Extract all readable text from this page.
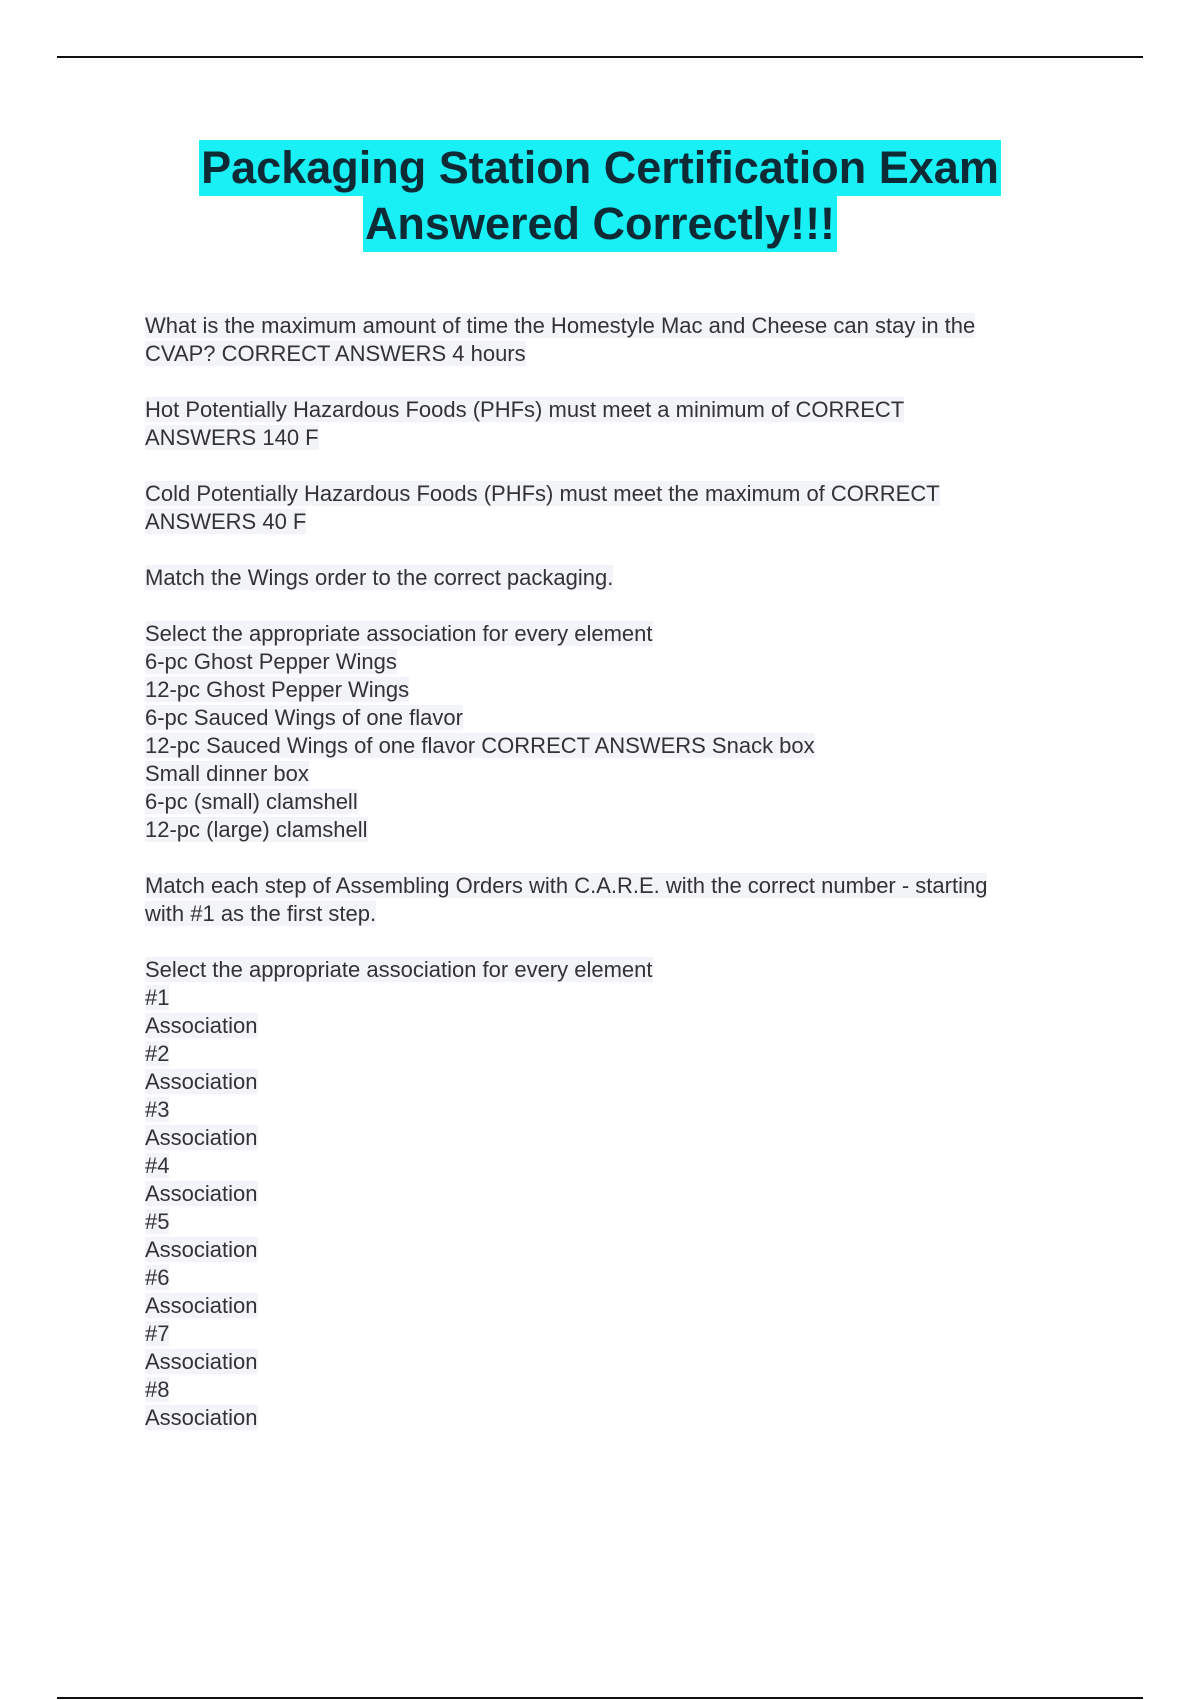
Packaging Station Certification Exam
Answered Correctly!!!
What is the maximum amount of time the Homestyle Mac and Cheese can stay in the
CVAP? CORRECT ANSWERS 4 hours
Hot Potentially Hazardous Foods (PHFs) must meet a minimum of CORRECT
ANSWERS 140 F
Cold Potentially Hazardous Foods (PHFs) must meet the maximum of CORRECT
ANSWERS 40 F
Match the Wings order to the correct packaging.
Select the appropriate association for every element
6-pc Ghost Pepper Wings
12-pc Ghost Pepper Wings
6-pc Sauced Wings of one flavor
12-pc Sauced Wings of one flavor CORRECT ANSWERS Snack box
Small dinner box
6-pc (small) clamshell
12-pc (large) clamshell
Match each step of Assembling Orders with C.A.R.E. with the correct number - starting
with #1 as the first step.
Select the appropriate association for every element
#1
Association
#2
Association
#3
Association
#4
Association
#5
Association
#6
Association
#7
Association
#8
Association
